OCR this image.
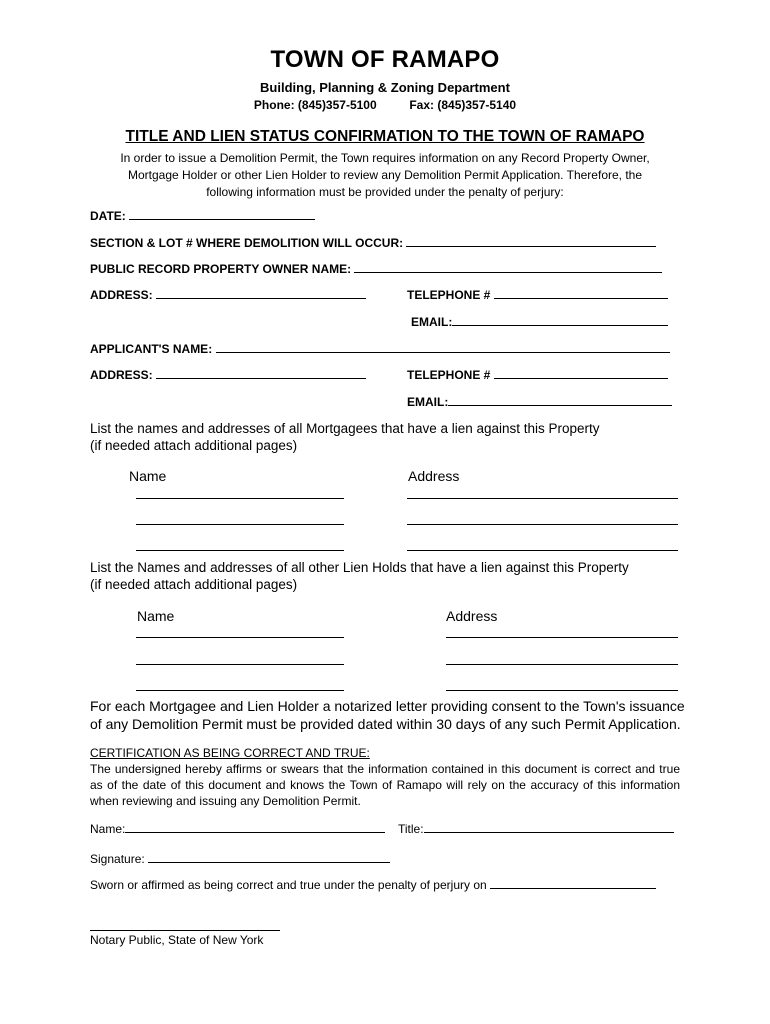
TOWN OF RAMAPO
Building, Planning & Zoning Department
Phone: (845)357-5100	Fax: (845)357-5140
TITLE AND LIEN STATUS CONFIRMATION TO THE TOWN OF RAMAPO
In order to issue a Demolition Permit, the Town requires information on any Record Property Owner,
Mortgage Holder or other Lien Holder to review any Demolition Permit Application. Therefore, the
following information must be provided under the penalty of perjury:
DATE:
SECTION & LOT # WHERE DEMOLITION WILL OCCUR:
PUBLIC RECORD PROPERTY OWNER NAME:
ADDRESS:	TELEPHONE #
EMAIL:
APPLICANT'S NAME:
ADDRESS:	TELEPHONE #
EMAIL:
List the names and addresses of all Mortgagees that have a lien against this Property
(if needed attach additional pages)
Name	Address
List the Names and addresses of all other Lien Holds that have a lien against this Property
(if needed attach additional pages)
Name	Address
For each Mortgagee and Lien Holder a notarized letter providing consent to the Town's issuance
of any Demolition Permit must be provided dated within 30 days of any such Permit Application.
CERTIFICATION AS BEING CORRECT AND TRUE:
The undersigned hereby affirms or swears that the information contained in this document is correct and true as of the date of this document and knows the Town of Ramapo will rely on the accuracy of this information when reviewing and issuing any Demolition Permit.
Name:	Title:
Signature:
Sworn or affirmed as being correct and true under the penalty of perjury on
Notary Public, State of New York
